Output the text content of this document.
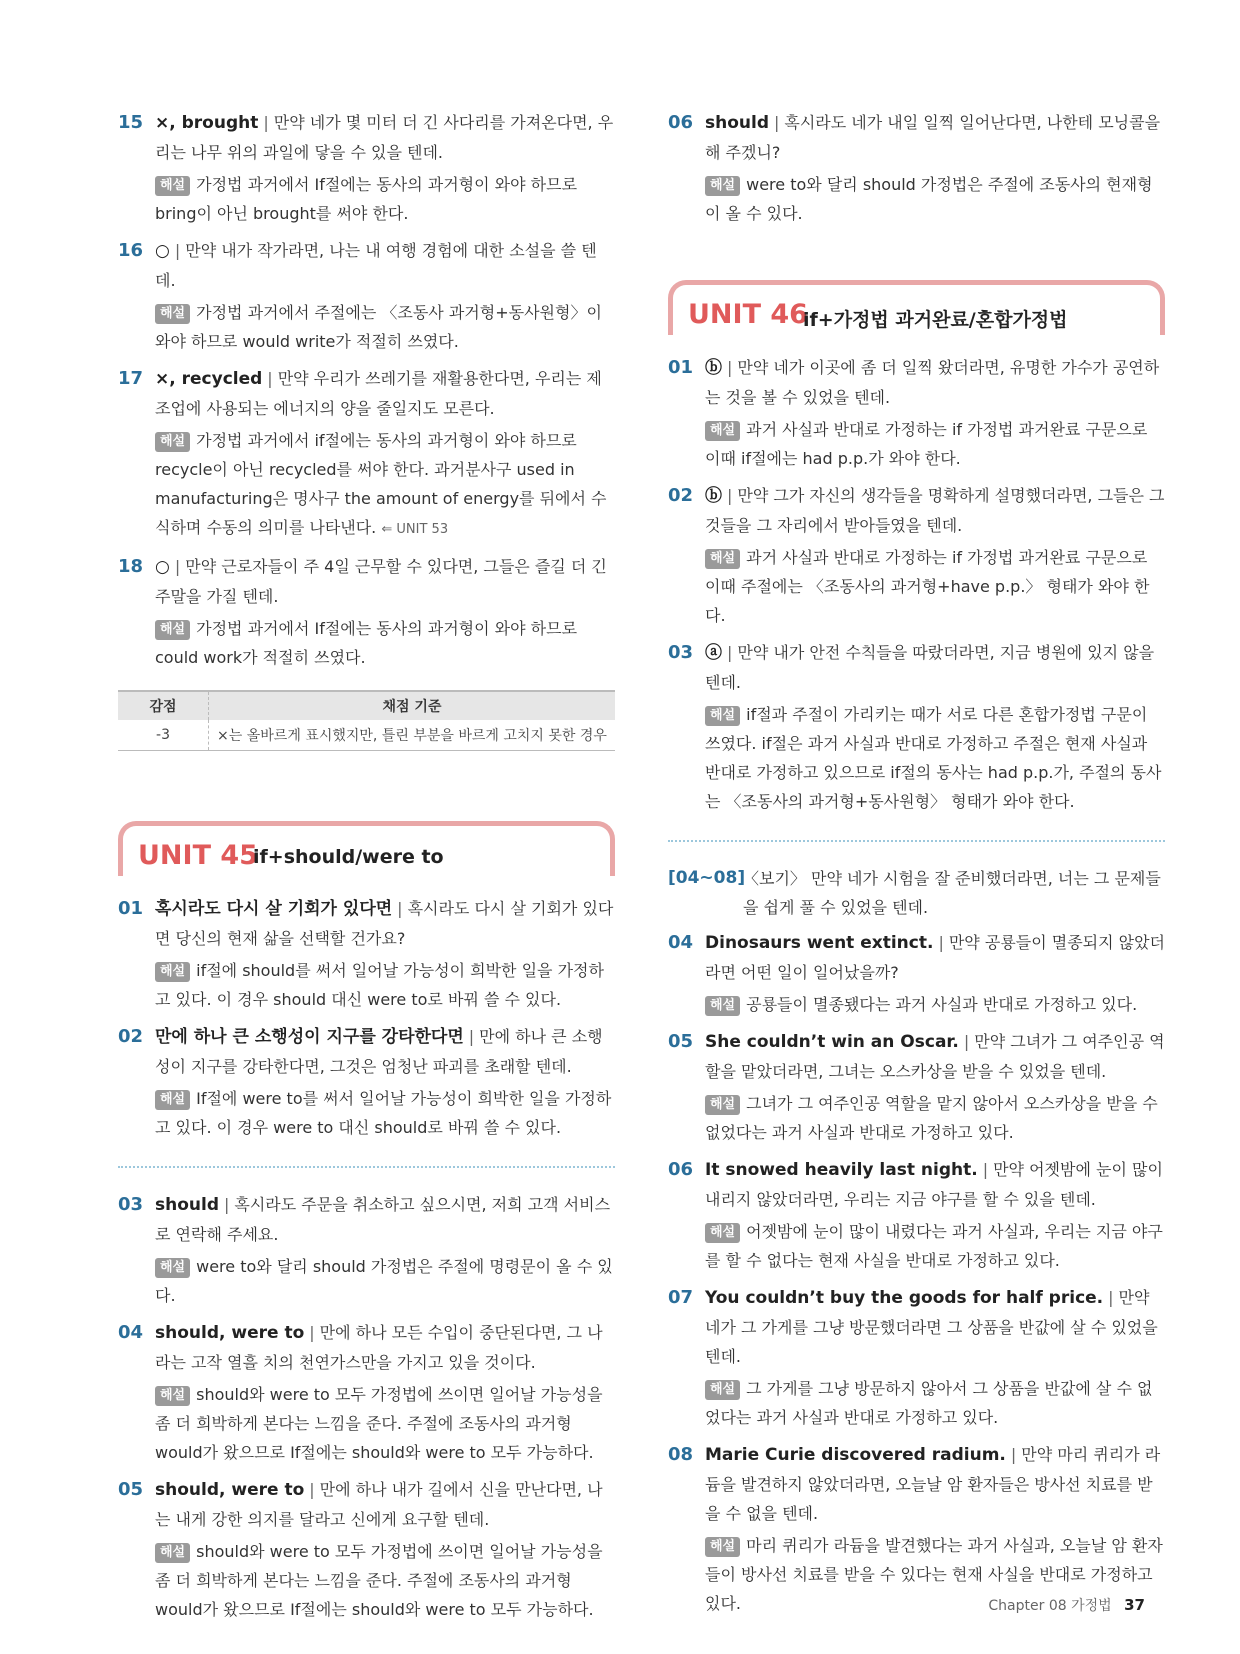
15 ×, brought | 만약 네가 몇 미터 더 긴 사다리를 가져온다면, 우리는 나무 위의 과일에 닿을 수 있을 텐데.
해설 가정법 과거에서 If절에는 동사의 과거형이 와야 하므로 bring이 아닌 brought를 써야 한다.
16 ○ | 만약 내가 작가라면, 나는 내 여행 경험에 대한 소설을 쓸 텐데.
해설 가정법 과거에서 주절에는 〈조동사 과거형+동사원형〉이 와야 하므로 would write가 적절히 쓰였다.
17 ×, recycled | 만약 우리가 쓰레기를 재활용한다면, 우리는 제조업에 사용되는 에너지의 양을 줄일지도 모른다.
해설 가정법 과거에서 if절에는 동사의 과거형이 와야 하므로 recycle이 아닌 recycled를 써야 한다. 과거분사구 used in manufacturing은 명사구 the amount of energy를 뒤에서 수식하며 수동의 의미를 나타낸다. ⇐ UNIT 53
18 ○ | 만약 근로자들이 주 4일 근무할 수 있다면, 그들은 즐길 더 긴 주말을 가질 텐데.
해설 가정법 과거에서 If절에는 동사의 과거형이 와야 하므로 could work가 적절히 쓰였다.
감점	채점 기준
-3	×는 올바르게 표시했지만, 틀린 부분을 바르게 고치지 못한 경우
UNIT 45
if+should/were to
01 혹시라도 다시 살 기회가 있다면 | 혹시라도 다시 살 기회가 있다면 당신의 현재 삶을 선택할 건가요?
해설 if절에 should를 써서 일어날 가능성이 희박한 일을 가정하고 있다. 이 경우 should 대신 were to로 바꿔 쓸 수 있다.
02 만에 하나 큰 소행성이 지구를 강타한다면 | 만에 하나 큰 소행성이 지구를 강타한다면, 그것은 엄청난 파괴를 초래할 텐데.
해설 If절에 were to를 써서 일어날 가능성이 희박한 일을 가정하고 있다. 이 경우 were to 대신 should로 바꿔 쓸 수 있다.
03 should | 혹시라도 주문을 취소하고 싶으시면, 저희 고객 서비스로 연락해 주세요.
해설 were to와 달리 should 가정법은 주절에 명령문이 올 수 있다.
04 should, were to | 만에 하나 모든 수입이 중단된다면, 그 나라는 고작 열흘 치의 천연가스만을 가지고 있을 것이다.
해설 should와 were to 모두 가정법에 쓰이면 일어날 가능성을 좀 더 희박하게 본다는 느낌을 준다. 주절에 조동사의 과거형 would가 왔으므로 If절에는 should와 were to 모두 가능하다.
05 should, were to | 만에 하나 내가 길에서 신을 만난다면, 나는 내게 강한 의지를 달라고 신에게 요구할 텐데.
해설 should와 were to 모두 가정법에 쓰이면 일어날 가능성을 좀 더 희박하게 본다는 느낌을 준다. 주절에 조동사의 과거형 would가 왔으므로 If절에는 should와 were to 모두 가능하다.
06 should | 혹시라도 네가 내일 일찍 일어난다면, 나한테 모닝콜을 해 주겠니?
해설 were to와 달리 should 가정법은 주절에 조동사의 현재형이 올 수 있다.
UNIT 46
if+가정법 과거완료/혼합가정법
01 ⓑ | 만약 네가 이곳에 좀 더 일찍 왔더라면, 유명한 가수가 공연하는 것을 볼 수 있었을 텐데.
해설 과거 사실과 반대로 가정하는 if 가정법 과거완료 구문으로 이때 if절에는 had p.p.가 와야 한다.
02 ⓑ | 만약 그가 자신의 생각들을 명확하게 설명했더라면, 그들은 그것들을 그 자리에서 받아들였을 텐데.
해설 과거 사실과 반대로 가정하는 if 가정법 과거완료 구문으로 이때 주절에는 〈조동사의 과거형+have p.p.〉 형태가 와야 한다.
03 ⓐ | 만약 내가 안전 수칙들을 따랐더라면, 지금 병원에 있지 않을 텐데.
해설 if절과 주절이 가리키는 때가 서로 다른 혼합가정법 구문이 쓰였다. if절은 과거 사실과 반대로 가정하고 주절은 현재 사실과 반대로 가정하고 있으므로 if절의 동사는 had p.p.가, 주절의 동사는 〈조동사의 과거형+동사원형〉 형태가 와야 한다.
[04~08]
〈보기〉 만약 네가 시험을 잘 준비했더라면, 너는 그 문제들을 쉽게 풀 수 있었을 텐데.
04 Dinosaurs went extinct. | 만약 공룡들이 멸종되지 않았더라면 어떤 일이 일어났을까?
해설 공룡들이 멸종됐다는 과거 사실과 반대로 가정하고 있다.
05 She couldn’t win an Oscar. | 만약 그녀가 그 여주인공 역할을 맡았더라면, 그녀는 오스카상을 받을 수 있었을 텐데.
해설 그녀가 그 여주인공 역할을 맡지 않아서 오스카상을 받을 수 없었다는 과거 사실과 반대로 가정하고 있다.
06 It snowed heavily last night. | 만약 어젯밤에 눈이 많이 내리지 않았더라면, 우리는 지금 야구를 할 수 있을 텐데.
해설 어젯밤에 눈이 많이 내렸다는 과거 사실과, 우리는 지금 야구를 할 수 없다는 현재 사실을 반대로 가정하고 있다.
07 You couldn’t buy the goods for half price. | 만약 네가 그 가게를 그냥 방문했더라면 그 상품을 반값에 살 수 있었을 텐데.
해설 그 가게를 그냥 방문하지 않아서 그 상품을 반값에 살 수 없었다는 과거 사실과 반대로 가정하고 있다.
08 Marie Curie discovered radium. | 만약 마리 퀴리가 라듐을 발견하지 않았더라면, 오늘날 암 환자들은 방사선 치료를 받을 수 없을 텐데.
해설 마리 퀴리가 라듐을 발견했다는 과거 사실과, 오늘날 암 환자들이 방사선 치료를 받을 수 있다는 현재 사실을 반대로 가정하고 있다.	Chapter 08 가정법 37
